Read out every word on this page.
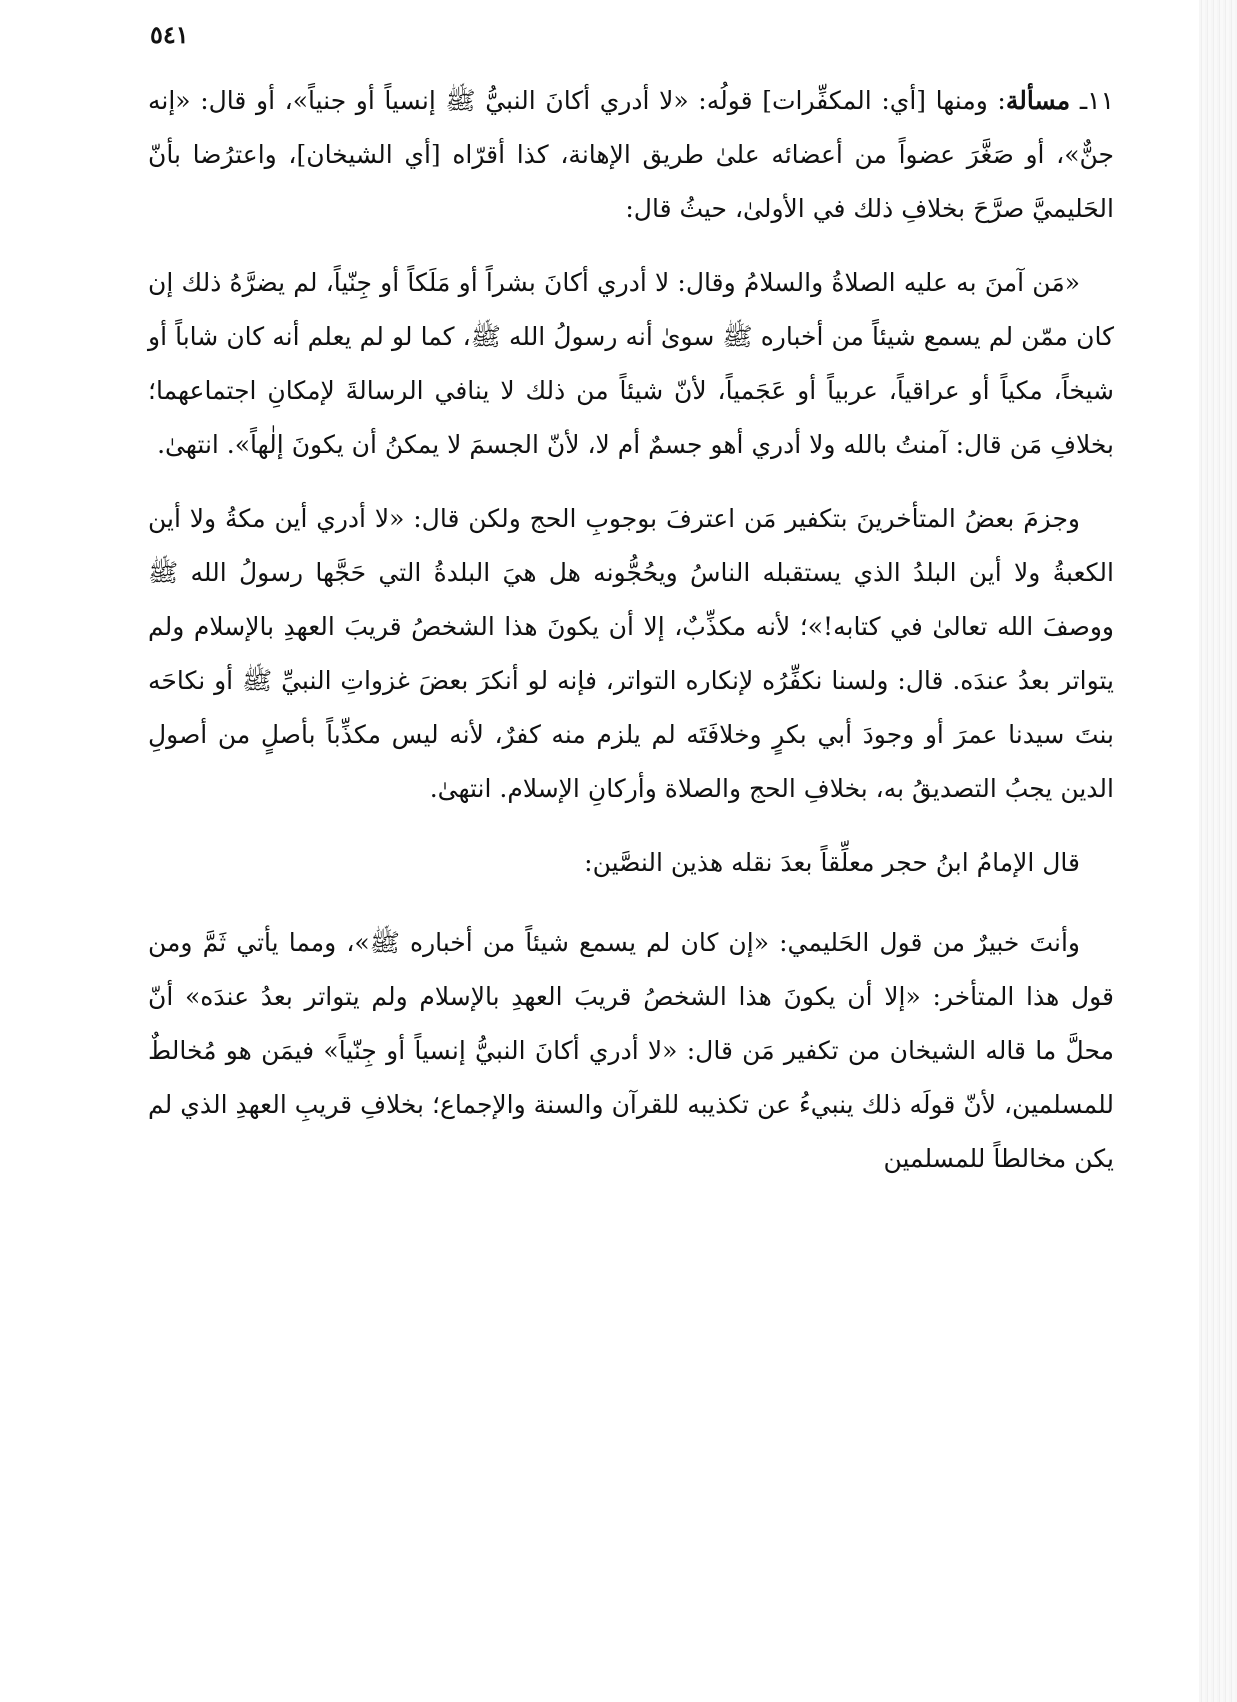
٥٤١

١١ـ مسألة: ومنها [أي: المكفِّرات] قولُه: «لا أدري أكانَ النبيُّ ﷺ إنسياً أو جنياً»، أو قال: «إنه جنٌّ»، أو صَغَّرَ عضواً من أعضائه علىٰ طريق الإهانة، كذا أقرّاه [أي الشيخان]، واعترُضا بأنّ الحَليميَّ صرَّحَ بخلافِ ذلك في الأولىٰ، حيثُ قال:

«مَن آمنَ به عليه الصلاةُ والسلامُ وقال: لا أدري أكانَ بشراً أو مَلَكاً أو جِنّياً، لم يضرَّهُ ذلك إن كان ممّن لم يسمع شيئاً من أخباره ﷺ سوىٰ أنه رسولُ الله ﷺ، كما لو لم يعلم أنه كان شاباً أو شيخاً، مكياً أو عراقياً، عربياً أو عَجَمياً، لأنّ شيئاً من ذلك لا ينافي الرسالةَ لإمكانِ اجتماعهما؛ بخلافِ مَن قال: آمنتُ بالله ولا أدري أهو جسمٌ أم لا، لأنّ الجسمَ لا يمكنُ أن يكونَ إلٰهاً». انتهىٰ.

وجزمَ بعضُ المتأخرينَ بتكفير مَن اعترفَ بوجوبِ الحج ولكن قال: «لا أدري أين مكةُ ولا أين الكعبةُ ولا أين البلدُ الذي يستقبله الناسُ ويحُجُّونه هل هيَ البلدةُ التي حَجَّها رسولُ الله ﷺ ووصفَ الله تعالىٰ في كتابه!»؛ لأنه مكذِّبٌ، إلا أن يكونَ هذا الشخصُ قريبَ العهدِ بالإسلام ولم يتواتر بعدُ عندَه. قال: ولسنا نكفِّرُه لإنكاره التواتر، فإنه لو أنكرَ بعضَ غزواتِ النبيِّ ﷺ أو نكاحَه بنتَ سيدنا عمرَ أو وجودَ أبي بكرٍ وخلافَتَه لم يلزم منه كفرٌ، لأنه ليس مكذِّباً بأصلٍ من أصولِ الدين يجبُ التصديقُ به، بخلافِ الحج والصلاة وأركانِ الإسلام. انتهىٰ.

قال الإمامُ ابنُ حجر معلِّقاً بعدَ نقله هذين النصَّين:

وأنتَ خبيرٌ من قول الحَليمي: «إن كان لم يسمع شيئاً من أخباره ﷺ»، ومما يأتي ثَمَّ ومن قول هذا المتأخر: «إلا أن يكونَ هذا الشخصُ قريبَ العهدِ بالإسلام ولم يتواتر بعدُ عندَه» أنّ محلَّ ما قاله الشيخان من تكفير مَن قال: «لا أدري أكانَ النبيُّ إنسياً أو جِنّياً» فيمَن هو مُخالطٌ للمسلمين، لأنّ قولَه ذلك ينبيءُ عن تكذيبه للقرآن والسنة والإجماع؛ بخلافِ قريبِ العهدِ الذي لم يكن مخالطاً للمسلمين
